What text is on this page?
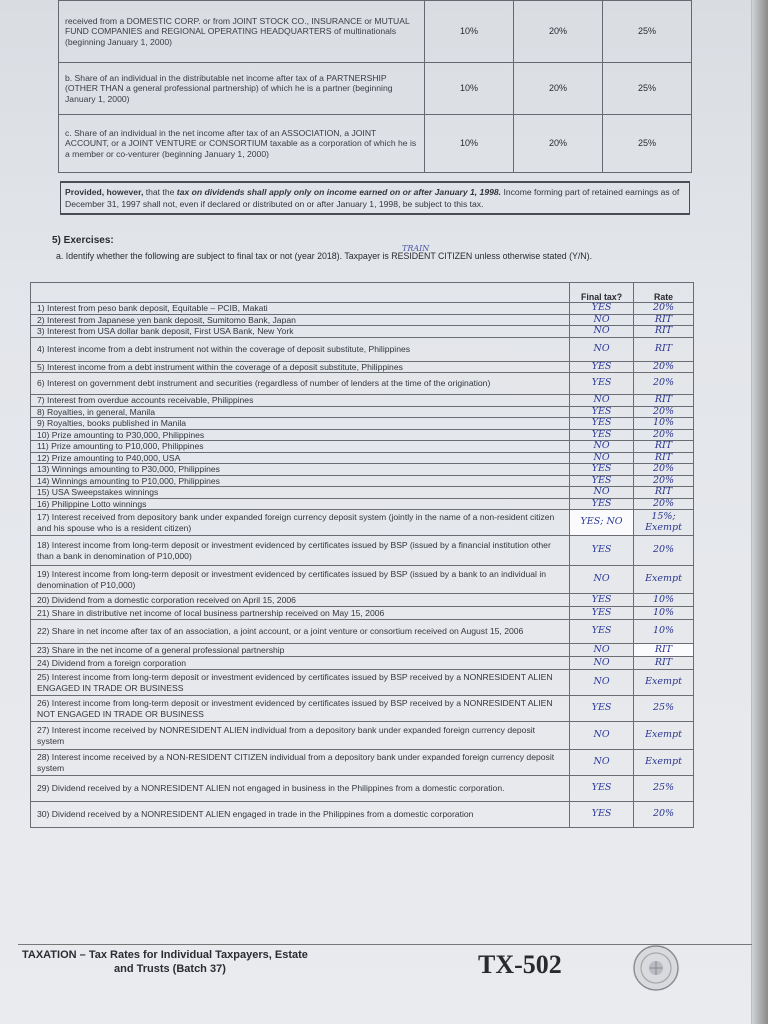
received from a DOMESTIC CORP. or from JOINT STOCK CO., INSURANCE or MUTUAL FUND COMPANIES and REGIONAL OPERATING HEADQUARTERS of multinationals (beginning January 1, 2000)	10%	20%	25%
b. Share of an individual in the distributable net income after tax of a PARTNERSHIP (OTHER THAN a general professional partnership) of which he is a partner (beginning January 1, 2000)	10%	20%	25%
c. Share of an individual in the net income after tax of an ASSOCIATION, a JOINT ACCOUNT, or a JOINT VENTURE or CONSORTIUM taxable as a corporation of which he is a member or co-venturer (beginning January 1, 2000)	10%	20%	25%
Provided, however, that the tax on dividends shall apply only on income earned on or after January 1, 1998. Income forming part of retained earnings as of December 31, 1997 shall not, even if declared or distributed on or after January 1, 1998, be subject to this tax.
5) Exercises:
TRAIN
a. Identify whether the following are subject to final tax or not (year 2018). Taxpayer is RESIDENT CITIZEN unless otherwise stated (Y/N).
	Final tax?	Rate
1) Interest from peso bank deposit, Equitable – PCIB, Makati	YES	20%
2) Interest from Japanese yen bank deposit, Sumitomo Bank, Japan	NO	RIT
3) Interest from USA dollar bank deposit, First USA Bank, New York	NO	RIT
4) Interest income from a debt instrument not within the coverage of deposit substitute, Philippines	NO	RIT
5) Interest income from a debt instrument within the coverage of a deposit substitute, Philippines	YES	20%
6) Interest on government debt instrument and securities (regardless of number of lenders at the time of the origination)	YES	20%
7) Interest from overdue accounts receivable, Philippines	NO	RIT
8) Royalties, in general, Manila	YES	20%
9) Royalties, books published in Manila	YES	10%
10) Prize amounting to P30,000, Philippines	YES	20%
11) Prize amounting to P10,000, Philippines	NO	RIT
12) Prize amounting to P40,000, USA	NO	RIT
13) Winnings amounting to P30,000, Philippines	YES	20%
14) Winnings amounting to P10,000, Philippines	YES	20%
15) USA Sweepstakes winnings	NO	RIT
16) Philippine Lotto winnings	YES	20%
17) Interest received from depository bank under expanded foreign currency deposit system (jointly in the name of a non-resident citizen and his spouse who is a resident citizen)	YES; NO	15%; Exempt
18) Interest income from long-term deposit or investment evidenced by certificates issued by BSP (issued by a financial institution other than a bank in denomination of P10,000)	YES	20%
19) Interest income from long-term deposit or investment evidenced by certificates issued by BSP (issued by a bank to an individual in denomination of P10,000)	NO	Exempt
20) Dividend from a domestic corporation received on April 15, 2006	YES	10%
21) Share in distributive net income of local business partnership received on May 15, 2006	YES	10%
22) Share in net income after tax of an association, a joint account, or a joint venture or consortium received on August 15, 2006	YES	10%
23) Share in the net income of a general professional partnership	NO	RIT
24) Dividend from a foreign corporation	NO	RIT
25) Interest income from long-term deposit or investment evidenced by certificates issued by BSP received by a NONRESIDENT ALIEN ENGAGED IN TRADE OR BUSINESS	NO	Exempt
26) Interest income from long-term deposit or investment evidenced by certificates issued by BSP received by a NONRESIDENT ALIEN NOT ENGAGED IN TRADE OR BUSINESS	YES	25%
27) Interest income received by NONRESIDENT ALIEN individual from a depository bank under expanded foreign currency deposit system	NO	Exempt
28) Interest income received by a NON-RESIDENT CITIZEN individual from a depository bank under expanded foreign currency deposit system	NO	Exempt
29) Dividend received by a NONRESIDENT ALIEN not engaged in business in the Philippines from a domestic corporation.	YES	25%
30) Dividend received by a NONRESIDENT ALIEN engaged in trade in the Philippines from a domestic corporation	YES	20%
TAXATION – Tax Rates for Individual Taxpayers, Estate
and Trusts (Batch 37)	TX-502
